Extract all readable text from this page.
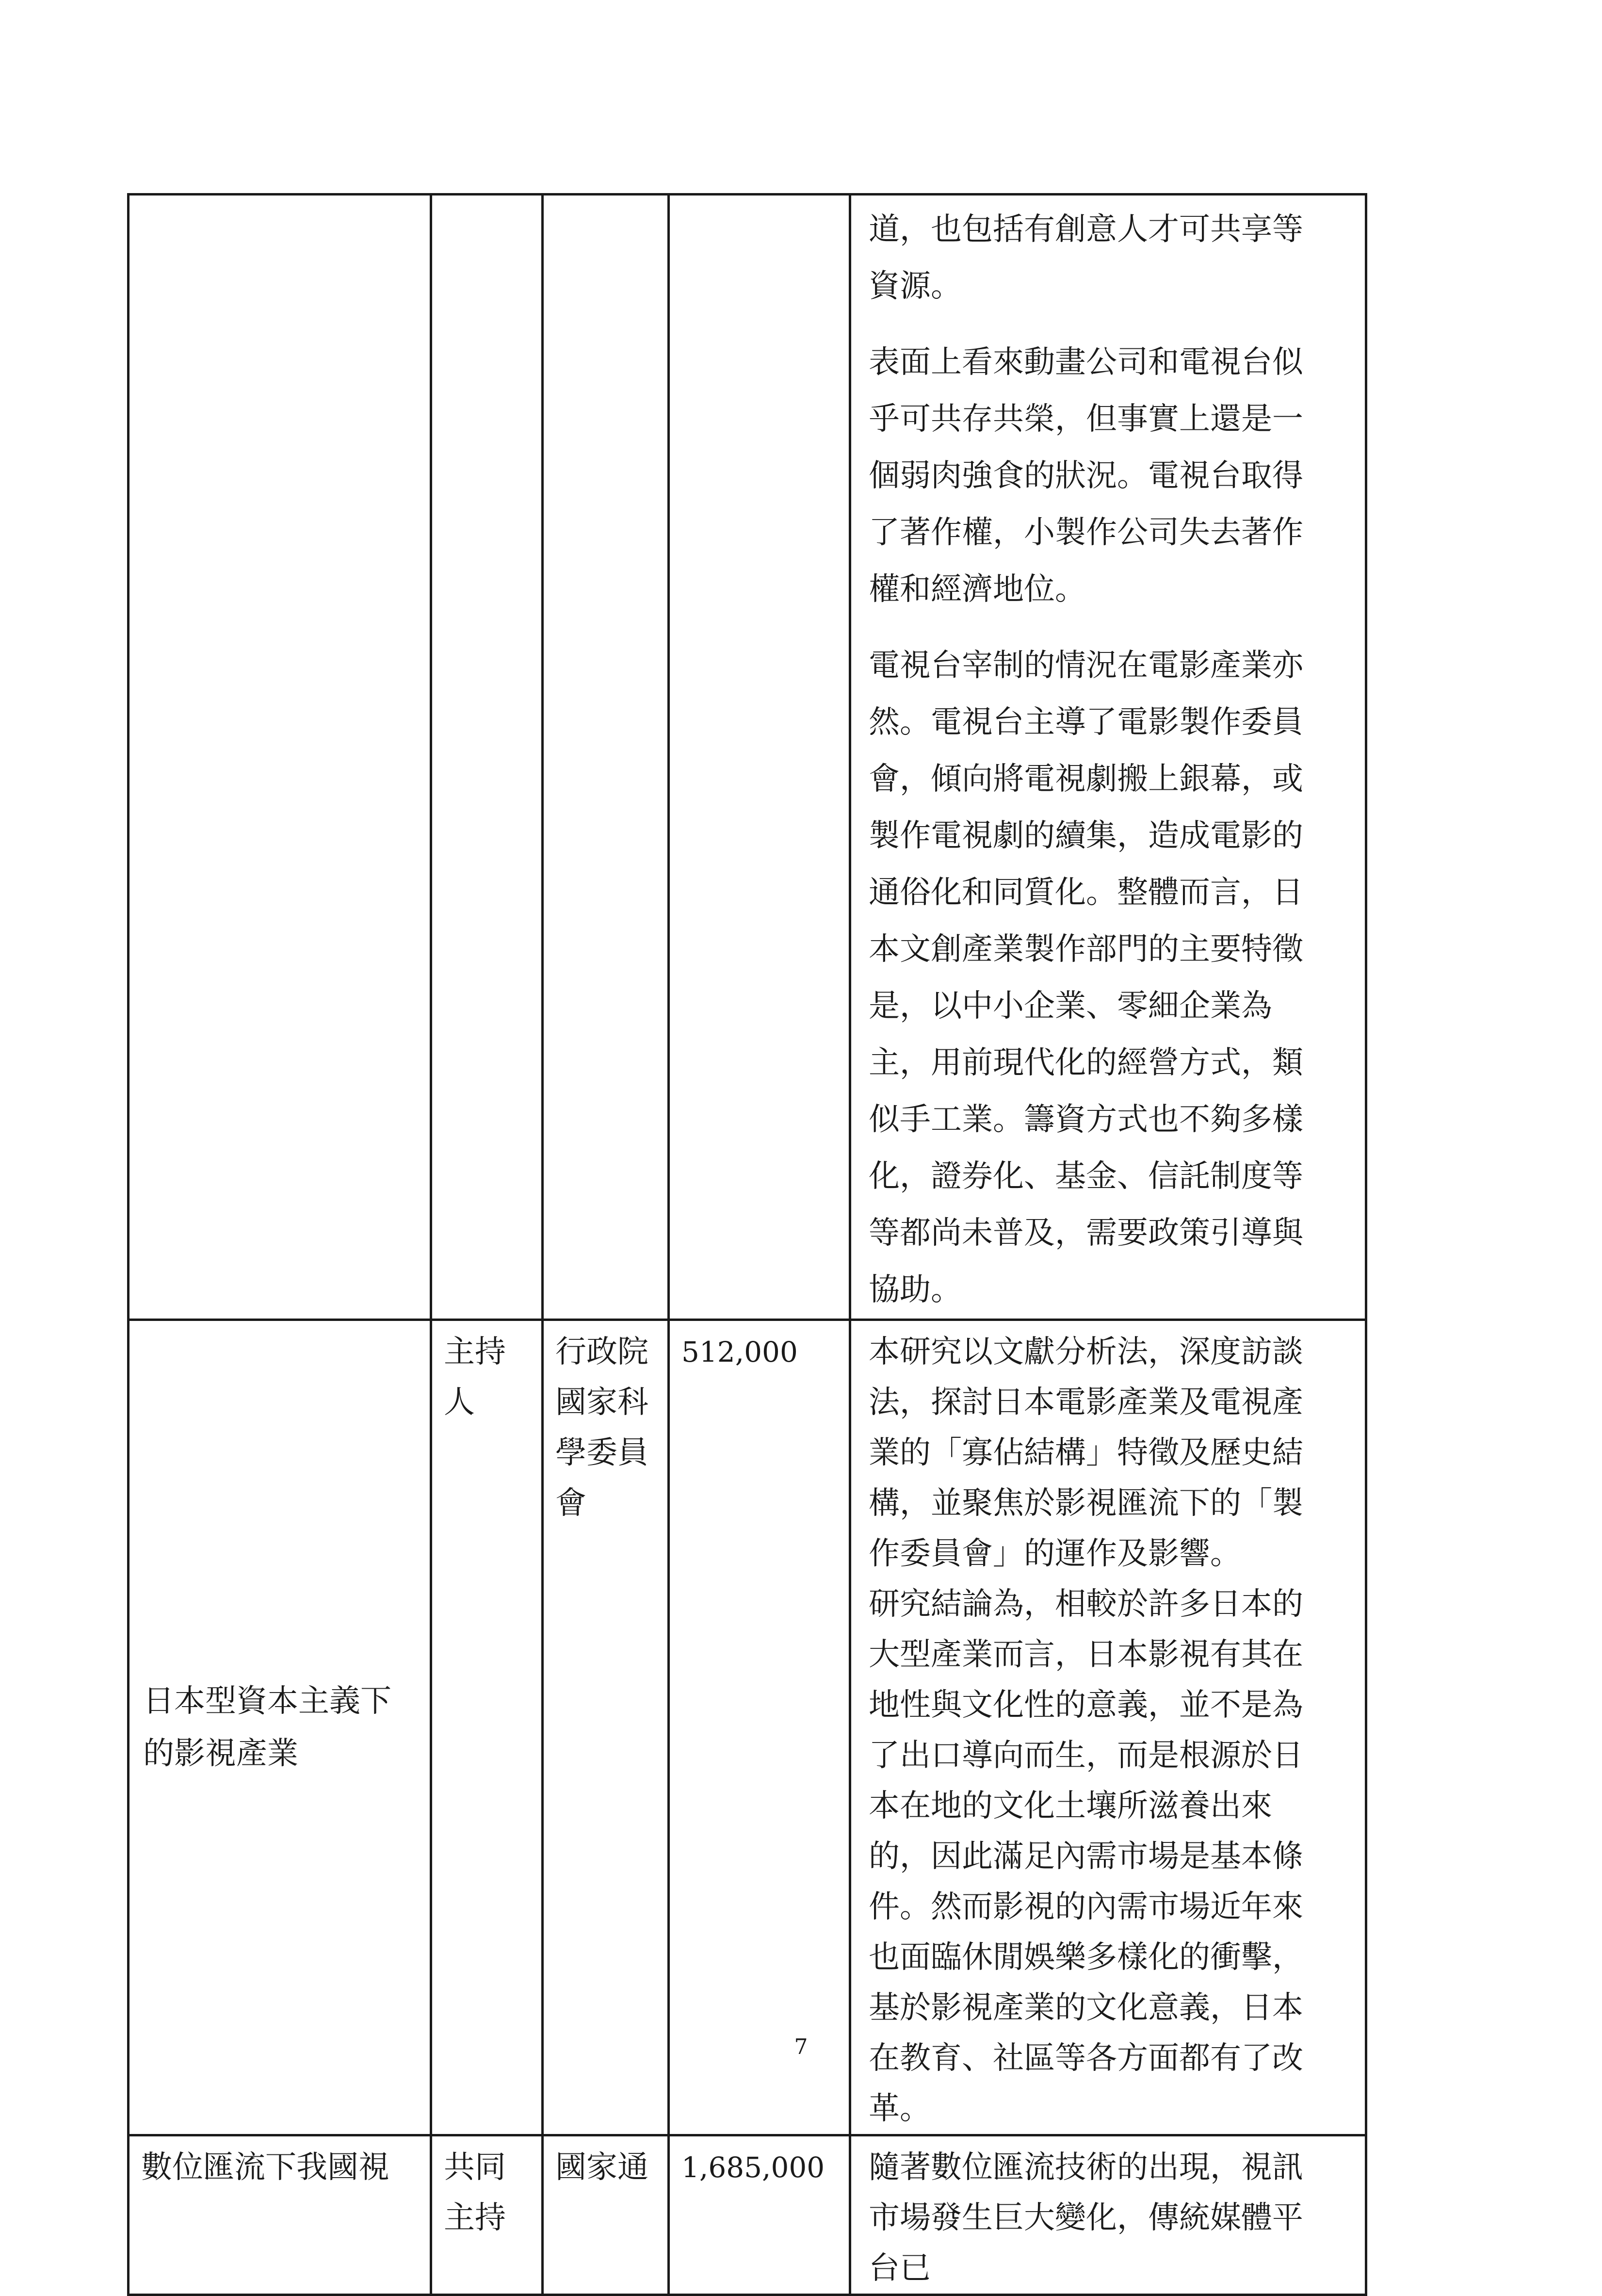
				道，也包括有創意人才可共享等資源。

表面上看來動畫公司和電視台似乎可共存共榮，但事實上還是一個弱肉強食的狀況。電視台取得了著作權，小製作公司失去著作權和經濟地位。

電視台宰制的情況在電影產業亦然。電視台主導了電影製作委員會，傾向將電視劇搬上銀幕，或製作電視劇的續集，造成電影的通俗化和同質化。整體而言，日本文創產業製作部門的主要特徵是，以中小企業、零細企業為主，用前現代化的經營方式，類似手工業。籌資方式也不夠多樣化，證券化、基金、信託制度等等都尚未普及，需要政策引導與協助。

日本型資本主義下的影視產業	主持人	行政院國家科學委員會	512,000	本研究以文獻分析法，深度訪談法，探討日本電影產業及電視產業的「寡佔結構」特徵及歷史結構，並聚焦於影視匯流下的「製作委員會」的運作及影響。

研究結論為，相較於許多日本的大型產業而言，日本影視有其在地性與文化性的意義，並不是為了出口導向而生，而是根源於日本在地的文化土壤所滋養出來的，因此滿足內需市場是基本條件。然而影視的內需市場近年來也面臨休閒娛樂多樣化的衝擊，基於影視產業的文化意義，日本在教育、社區等各方面都有了改革。

數位匯流下我國視	共同主持	國家通	1,685,000	隨著數位匯流技術的出現，視訊市場發生巨大變化，傳統媒體平台已

7
